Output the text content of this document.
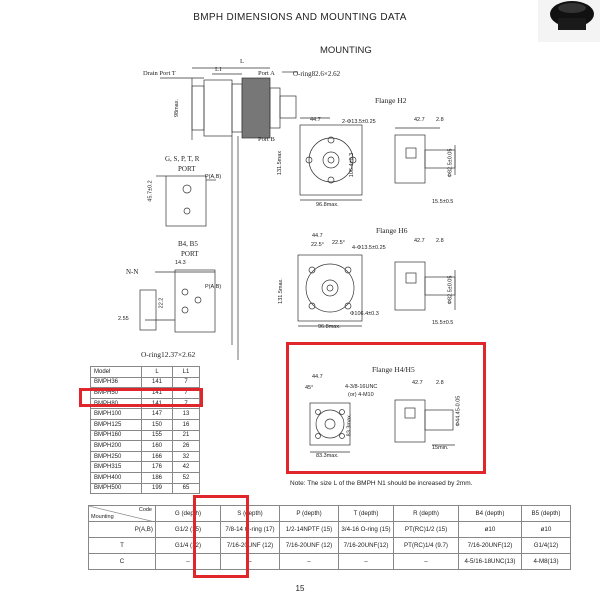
BMPH DIMENSIONS AND MOUNTING DATA
MOUNTING
Drain Port T
L
L1
Port A
Port B
O-ring82.6×2.62
98max.
G, S, P, T, R
PORT
45.7±0.2
P(A,B)
B4, B5
PORT
N-N
14.3
P(A,B)
2.55
22.2
O-ring12.37×2.62
Flange H2
44.7	2-Φ13.5±0.25
131.5max	106.4±0.3
96.8max.
42.7 2.8
Φ82.5±0.05
15.5±0.5
Flange H6
44.7
22.5° 22.5°
4-Φ13.5±0.25
131.5max.
Φ106.4±0.3
96.8max.
42.7 2.8
Φ82.5±0.05
15.5±0.5
Flange H4/H5
44.7
45°	4-3/8-16UNC
(or) 4-M10
83.3max.
83.3max.
42.7 2.8
Φ44.45-0.05
15min.
Model	L	L1
BMPH36	141	7
BMPH50	141	7
BMPH80	141	7
BMPH100	147	13
BMPH125	150	16
BMPH160	155	21
BMPH200	160	26
BMPH250	166	32
BMPH315	176	42
BMPH400	186	52
BMPH500	199	65
Note: The size L of the BMPH N1 should be increased by 2mm.
Code
Mounting	G (depth)	S (depth)	P (depth)	T (depth)	R (depth)	B4 (depth)	B5 (depth)
P(A,B)	G1/2 (15)	7/8-14 O-ring (17)	1/2-14NPTF (15)	3/4-16 O-ring (15)	PT(RC)1/2 (15)	ø10	ø10
T	G1/4 (12)	7/16-20UNF (12)	7/16-20UNF (12)	7/16-20UNF(12)	PT(RC)1/4 (9.7)	7/16-20UNF(12)	G1/4(12)
C	–	–	–	–	–	4-5/16-18UNC(13)	4-M8(13)
15
